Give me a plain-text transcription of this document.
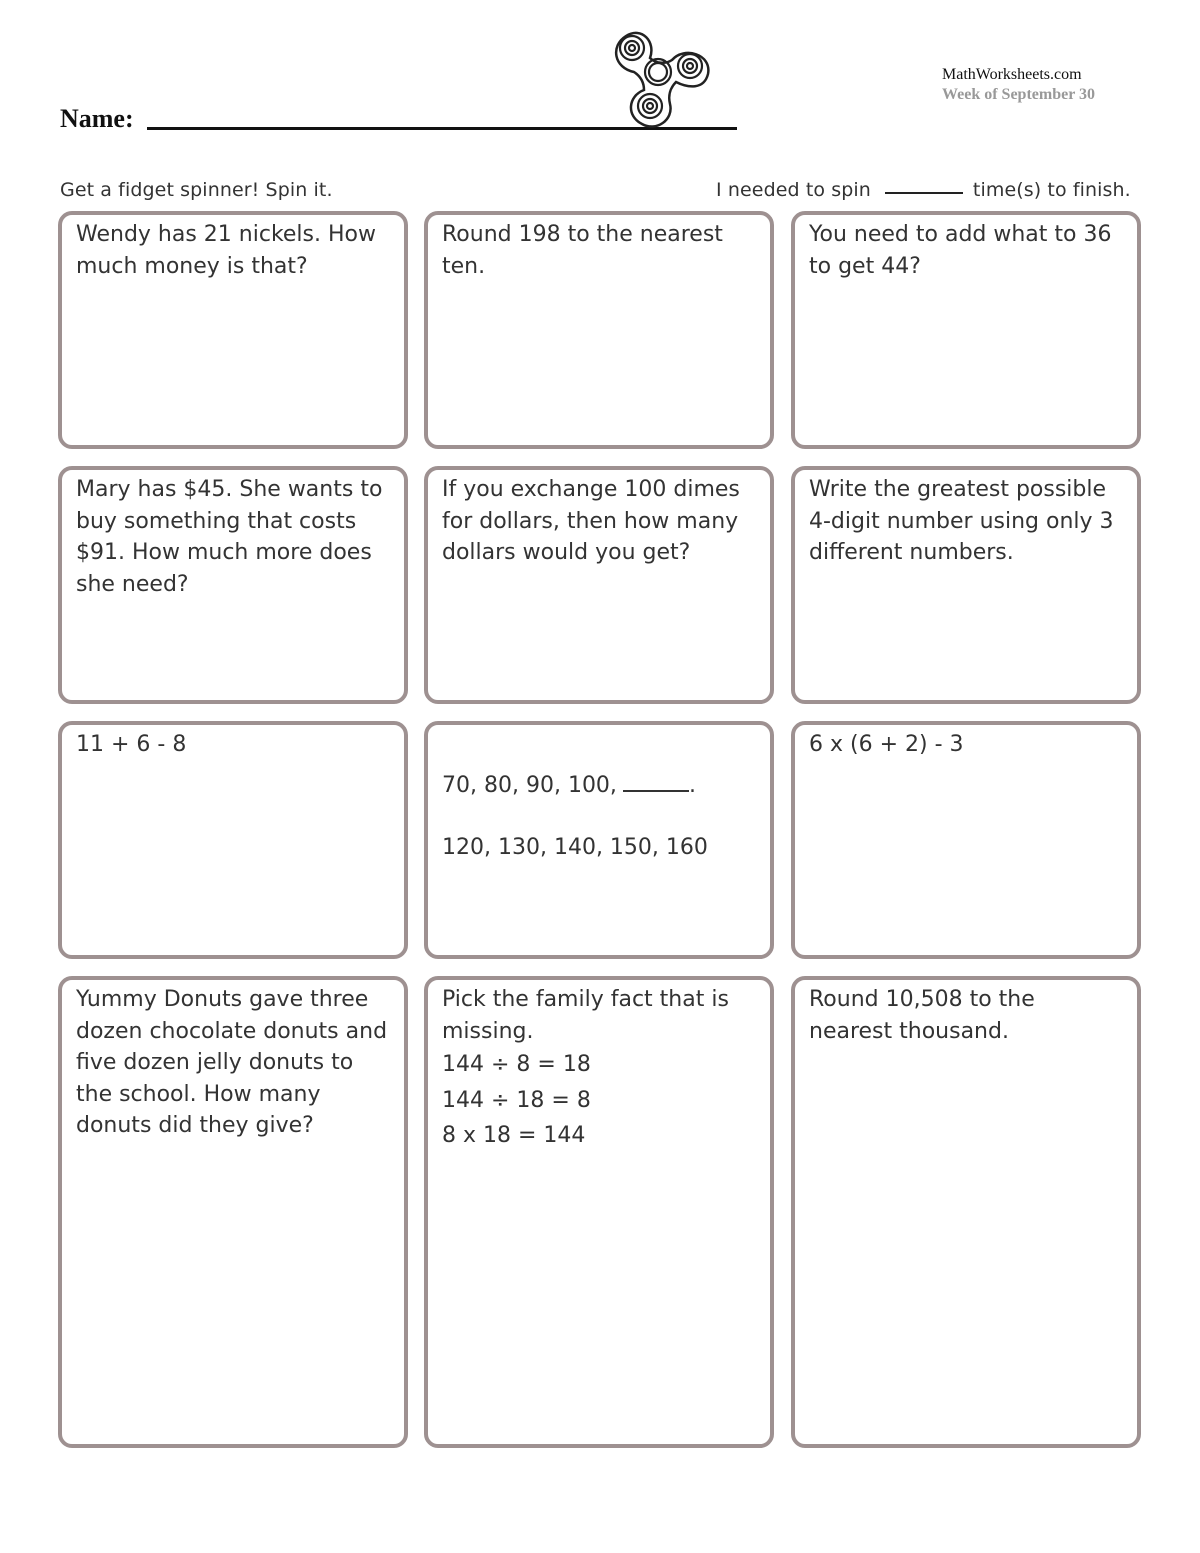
Name:
MathWorksheets.com
Week of September 30
Get a fidget spinner! Spin it.	I needed to spin	time(s) to finish.

Wendy has 21 nickels. How much money is that?

Round 198 to the nearest ten.

You need to add what to 36 to get 44?

Mary has $45. She wants to buy something that costs $91. How much more does she need?

If you exchange 100 dimes for dollars, then how many dollars would you get?

Write the greatest possible 4-digit number using only 3 different numbers.

11 + 6 - 8

70, 80, 90, 100,	.
120, 130, 140, 150, 160

6 x (6 + 2) - 3

Yummy Donuts gave three dozen chocolate donuts and five dozen jelly donuts to the school. How many donuts did they give?

Pick the family fact that is missing.

144 ÷ 8 = 18
144 ÷ 18 = 8
8 x 18 = 144

Round 10,508 to the nearest thousand.
